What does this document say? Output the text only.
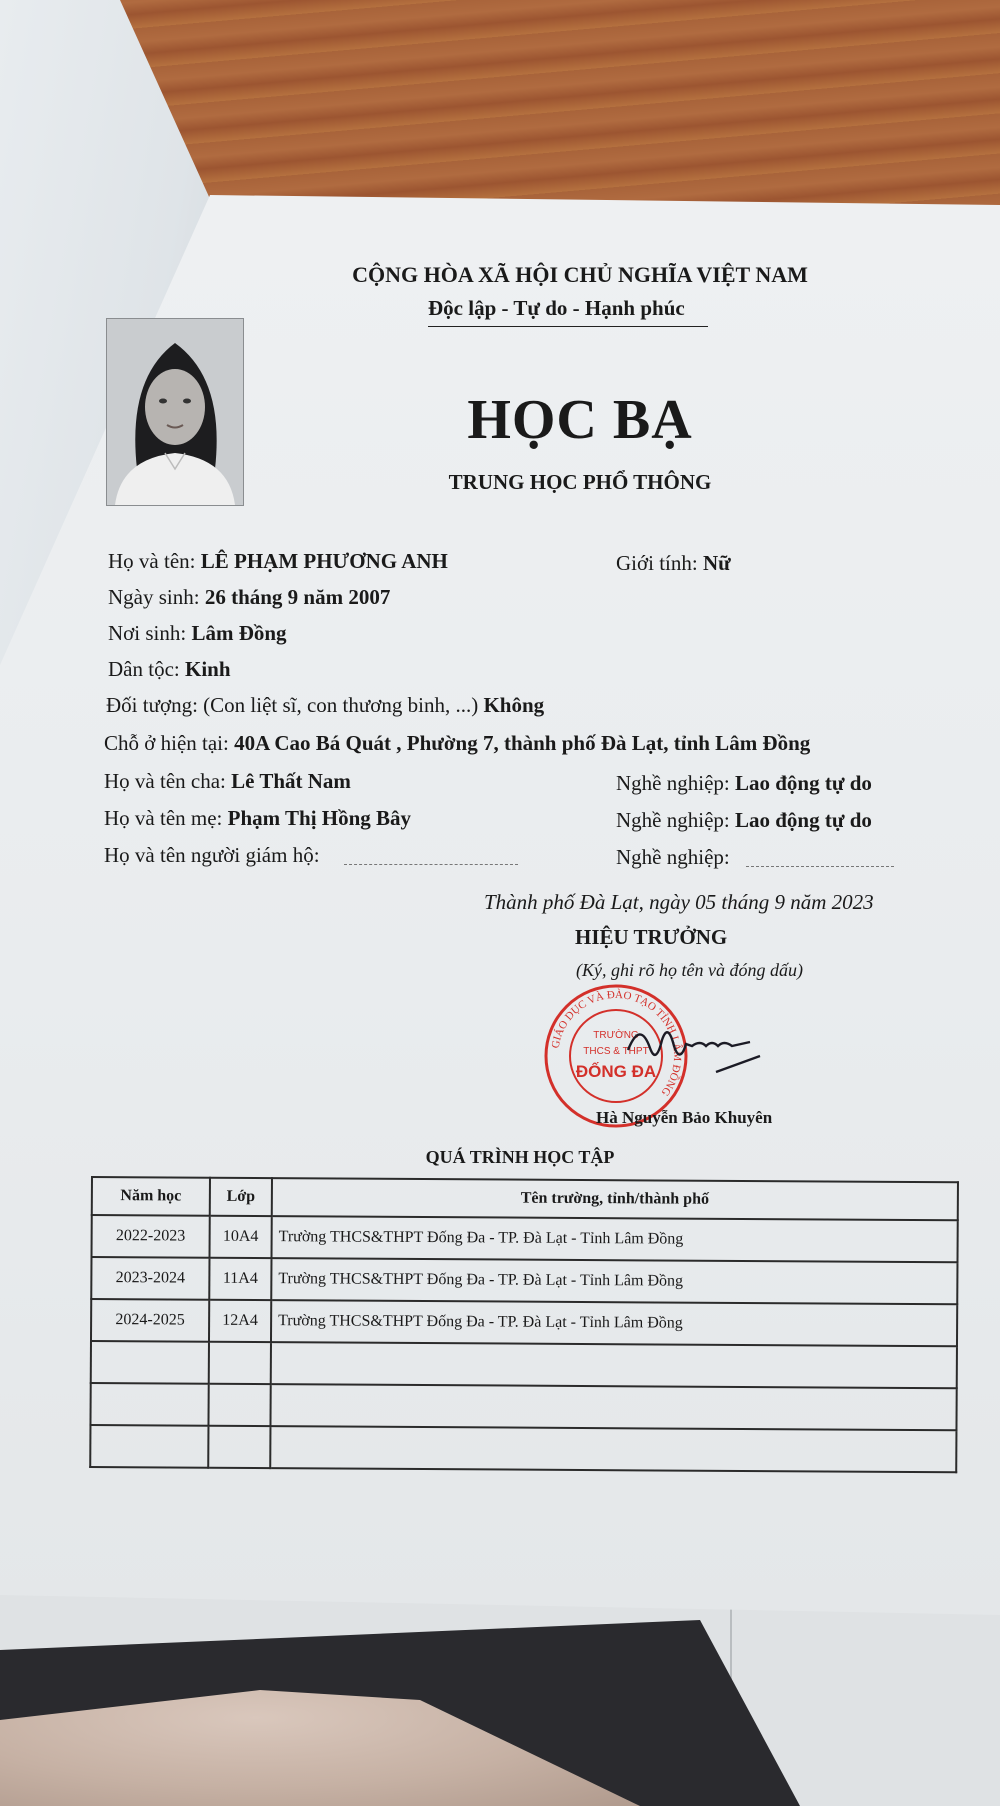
CỘNG HÒA XÃ HỘI CHỦ NGHĨA VIỆT NAM
Độc lập - Tự do - Hạnh phúc
HỌC BẠ
TRUNG HỌC PHỔ THÔNG
Họ và tên: LÊ PHẠM PHƯƠNG ANH	Giới tính: Nữ
Ngày sinh: 26 tháng 9 năm 2007
Nơi sinh: Lâm Đồng
Dân tộc: Kinh
Đối tượng: (Con liệt sĩ, con thương binh, ...) Không
Chỗ ở hiện tại: 40A Cao Bá Quát , Phường 7, thành phố Đà Lạt, tỉnh Lâm Đồng
Họ và tên cha: Lê Thất Nam	Nghề nghiệp: Lao động tự do
Họ và tên mẹ: Phạm Thị Hồng Bây	Nghề nghiệp: Lao động tự do
Họ và tên người giám hộ:	Nghề nghiệp:
Thành phố Đà Lạt, ngày 05 tháng 9 năm 2023
HIỆU TRƯỞNG
(Ký, ghi rõ họ tên và đóng dấu)
GIÁO DỤC VÀ ĐÀO TẠO TỈNH LÂM ĐỒNG
TRƯỜNG
THCS & THPT
ĐỐNG ĐA
Hà Nguyễn Bảo Khuyên
QUÁ TRÌNH HỌC TẬP
Năm học	Lớp	Tên trường, tỉnh/thành phố
2022-2023	10A4	Trường THCS&THPT Đống Đa - TP. Đà Lạt - Tỉnh Lâm Đồng
2023-2024	11A4	Trường THCS&THPT Đống Đa - TP. Đà Lạt - Tỉnh Lâm Đồng
2024-2025	12A4	Trường THCS&THPT Đống Đa - TP. Đà Lạt - Tỉnh Lâm Đồng
